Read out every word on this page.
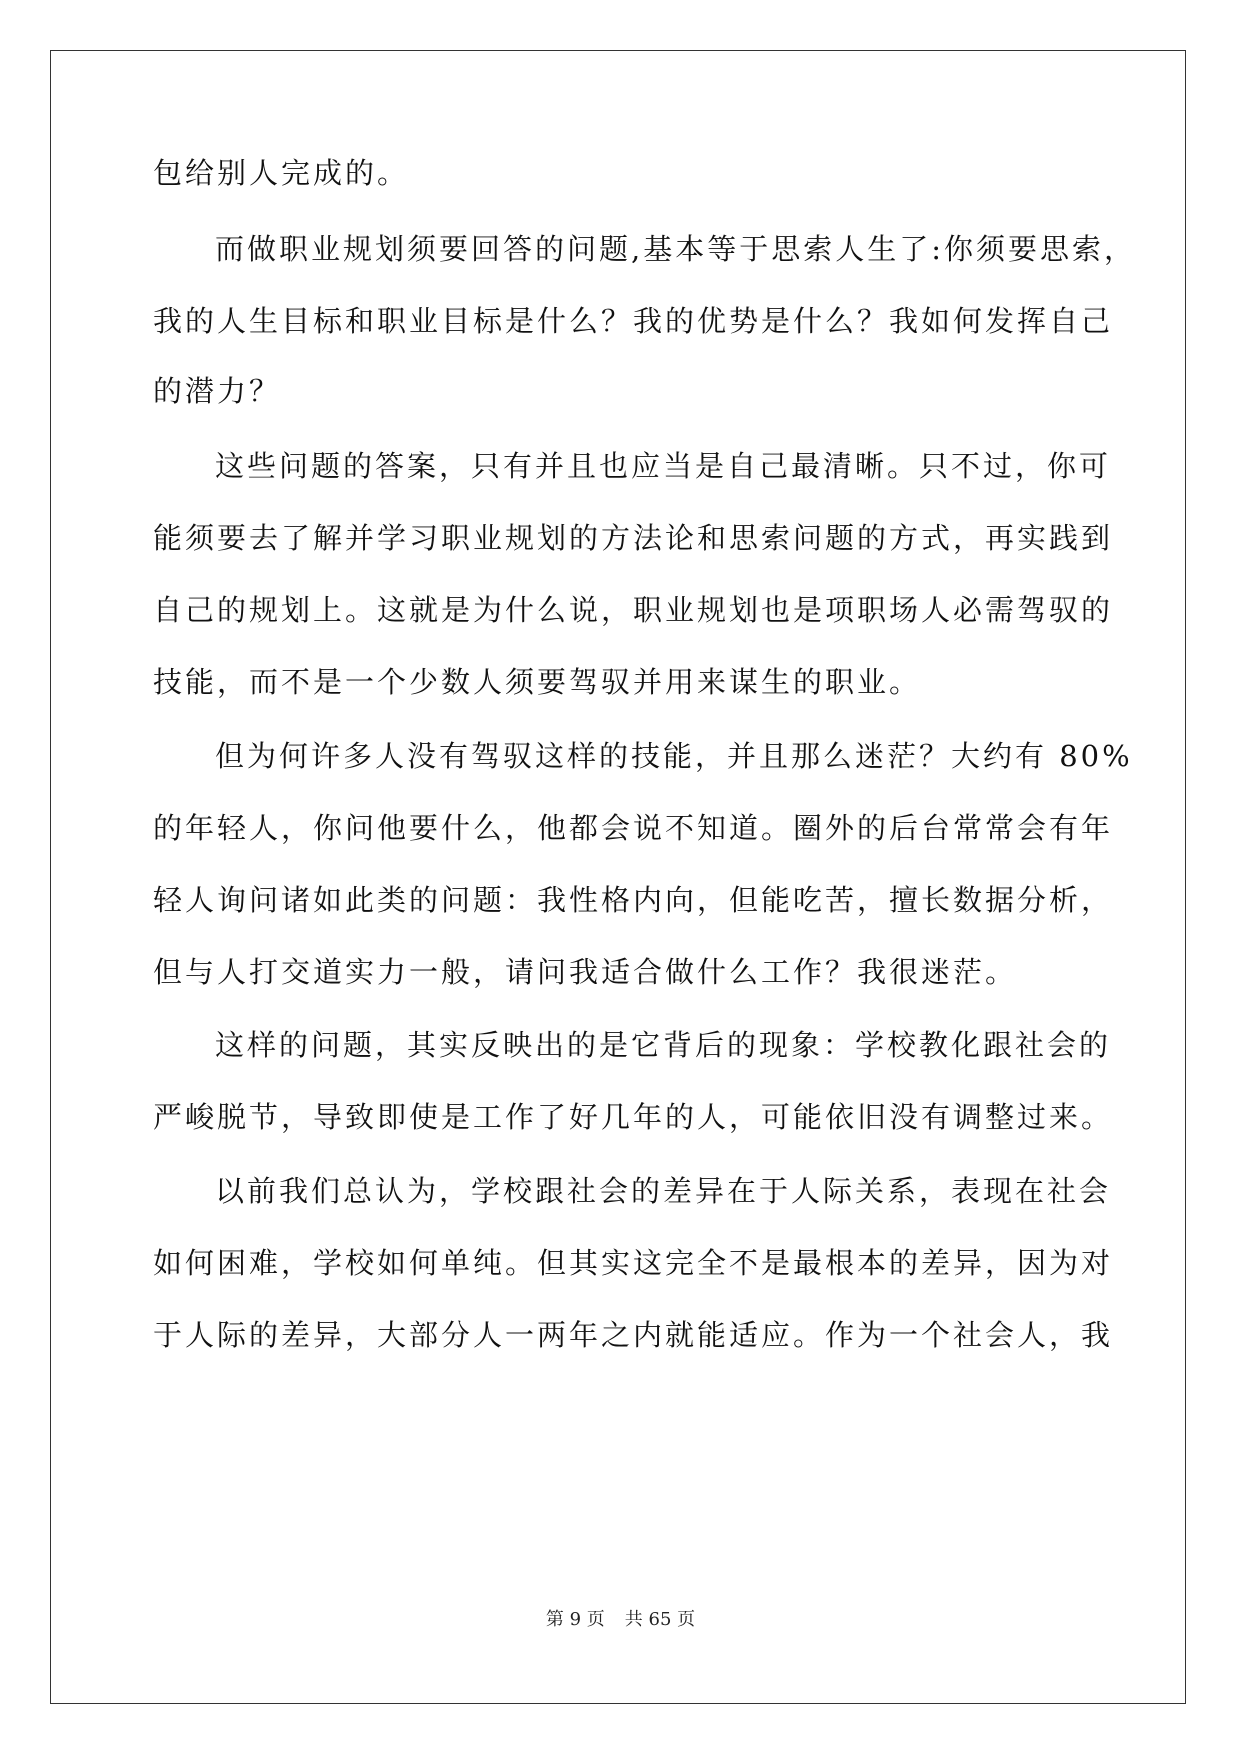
包给别人完成的。
而做职业规划须要回答的问题,基本等于思索人生了:你须要思索，
我的人生目标和职业目标是什么？我的优势是什么？我如何发挥自己
的潜力？
这些问题的答案，只有并且也应当是自己最清晰。只不过，你可
能须要去了解并学习职业规划的方法论和思索问题的方式，再实践到
自己的规划上。这就是为什么说，职业规划也是项职场人必需驾驭的
技能，而不是一个少数人须要驾驭并用来谋生的职业。
但为何许多人没有驾驭这样的技能，并且那么迷茫？大约有 80%
的年轻人，你问他要什么，他都会说不知道。圈外的后台常常会有年
轻人询问诸如此类的问题：我性格内向，但能吃苦，擅长数据分析，
但与人打交道实力一般，请问我适合做什么工作？我很迷茫。
这样的问题，其实反映出的是它背后的现象：学校教化跟社会的
严峻脱节，导致即使是工作了好几年的人，可能依旧没有调整过来。
以前我们总认为，学校跟社会的差异在于人际关系，表现在社会
如何困难，学校如何单纯。但其实这完全不是最根本的差异，因为对
于人际的差异，大部分人一两年之内就能适应。作为一个社会人，我
第 9 页 共 65 页
